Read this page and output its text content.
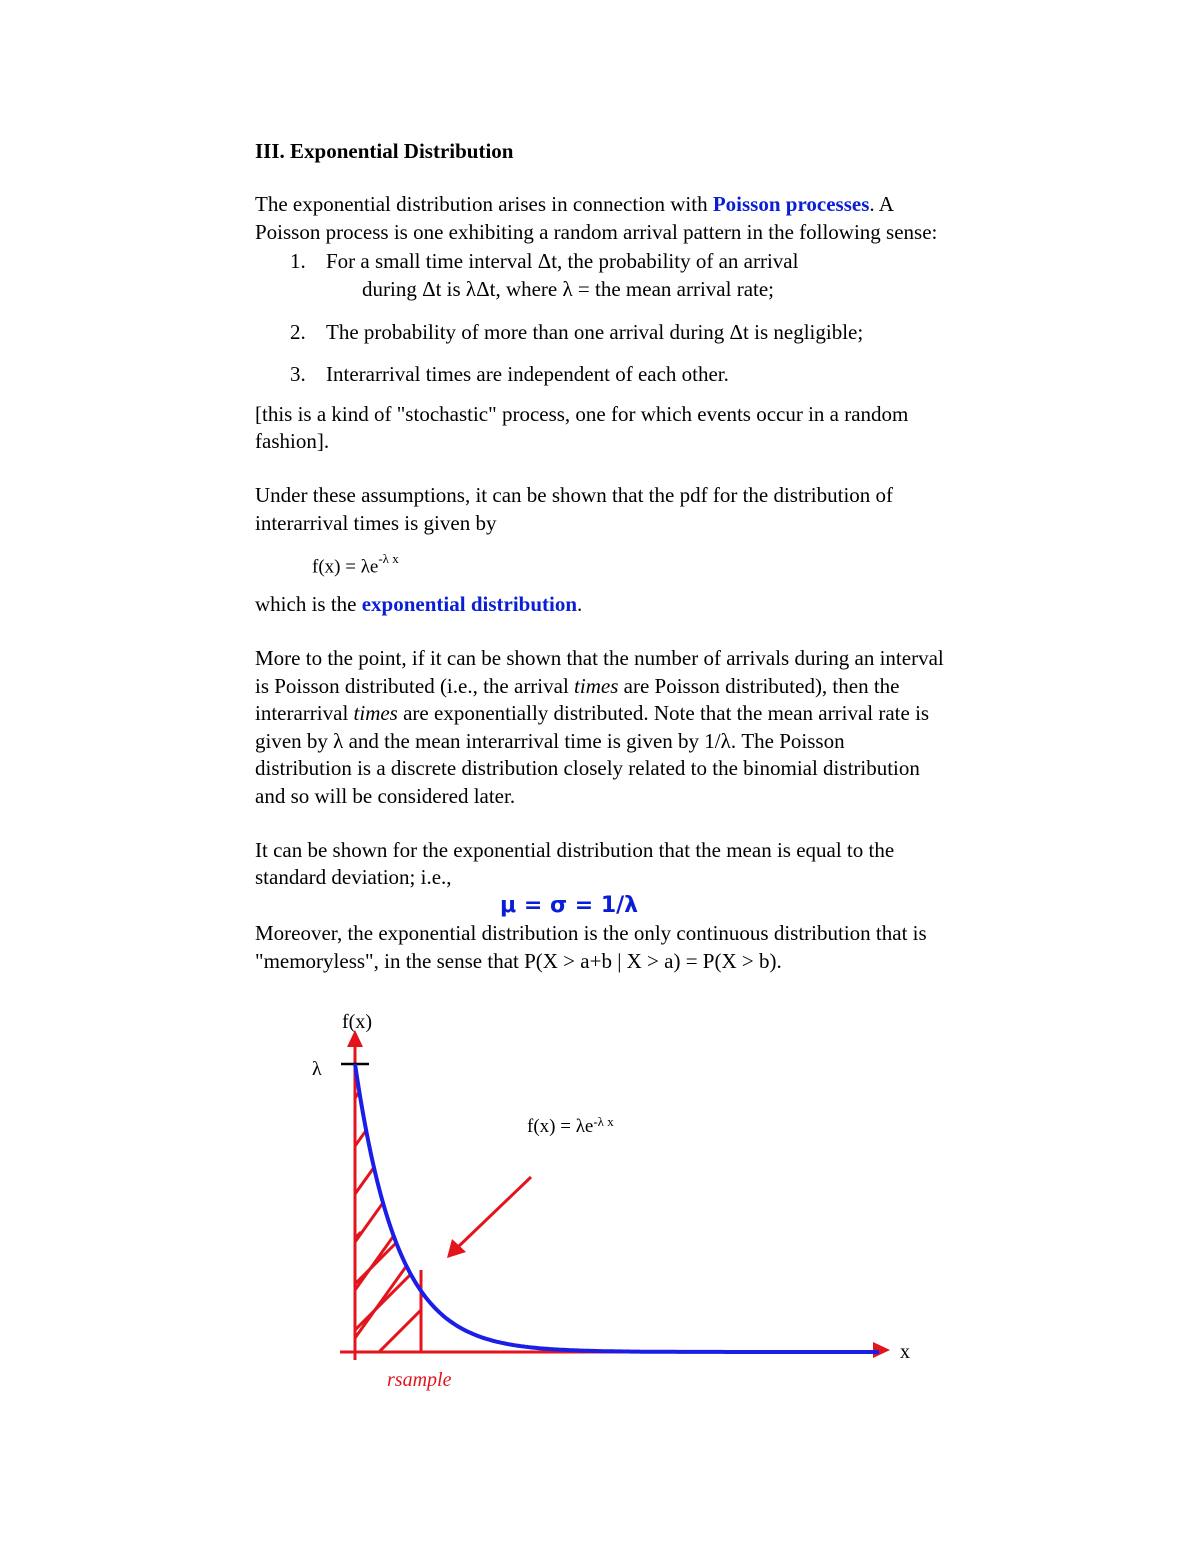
III. Exponential Distribution
The exponential distribution arises in connection with Poisson processes. A
Poisson process is one exhibiting a random arrival pattern in the following sense:
1. For a small time interval Δt, the probability of an arrival
during Δt is λΔt, where λ = the mean arrival rate;
2. The probability of more than one arrival during Δt is negligible;
3. Interarrival times are independent of each other.
[this is a kind of "stochastic" process, one for which events occur in a random
fashion].
Under these assumptions, it can be shown that the pdf for the distribution of
interarrival times is given by
$f(x) = \lambda e^{-\lambda x}$
which is the exponential distribution.
More to the point, if it can be shown that the number of arrivals during an interval
is Poisson distributed (i.e., the arrival times are Poisson distributed), then the
interarrival times are exponentially distributed. Note that the mean arrival rate is
given by λ and the mean interarrival time is given by 1/λ. The Poisson
distribution is a discrete distribution closely related to the binomial distribution
and so will be considered later.
It can be shown for the exponential distribution that the mean is equal to the
standard deviation; i.e.,
μ = σ = 1/λ
Moreover, the exponential distribution is the only continuous distribution that is
"memoryless", in the sense that P(X > a+b | X > a) = P(X > b).
f(x)
λ
x
$f(x) = \lambda e^{-\lambda x}$
rsample
